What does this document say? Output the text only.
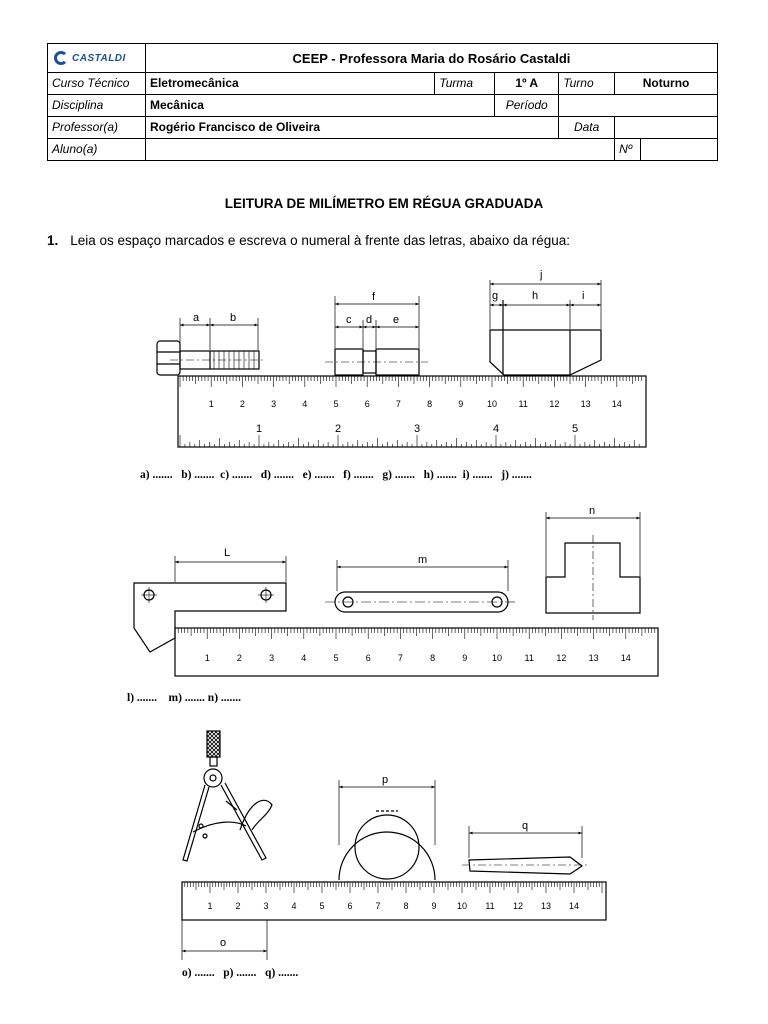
CASTALDI	CEEP - Professora Maria do Rosário Castaldi					
Curso Técnico	Eletromecânica	Turma	1º A	Turno	Noturno	
Disciplina	Mecânica		Período			
Professor(a)	Rogério Francisco de Oliveira			Data		
Aluno(a)					Nº	
LEITURA DE MILÍMETRO EM RÉGUA GRADUADA
1. Leia os espaço marcados e escreva o numeral à frente das letras, abaixo da régua:
a	b
f
c d e
j
g	h	i
1	2	3	4	5	6	7	8	9	10 11 12 13 14
1	2	3	4	5
L
m
n
1	2	3	4	5	6	7	8	9	10	11	12 13 14
p
q
o
1	2	3	4	5	6	7	8	9 10 11 12 13 14
a) .......   b) .......  c) .......   d) .......   e) .......   f) .......   g) .......   h) .......  i) .......   j) .......
l) .......    m) ....... n) .......
o) .......   p) .......   q) .......
